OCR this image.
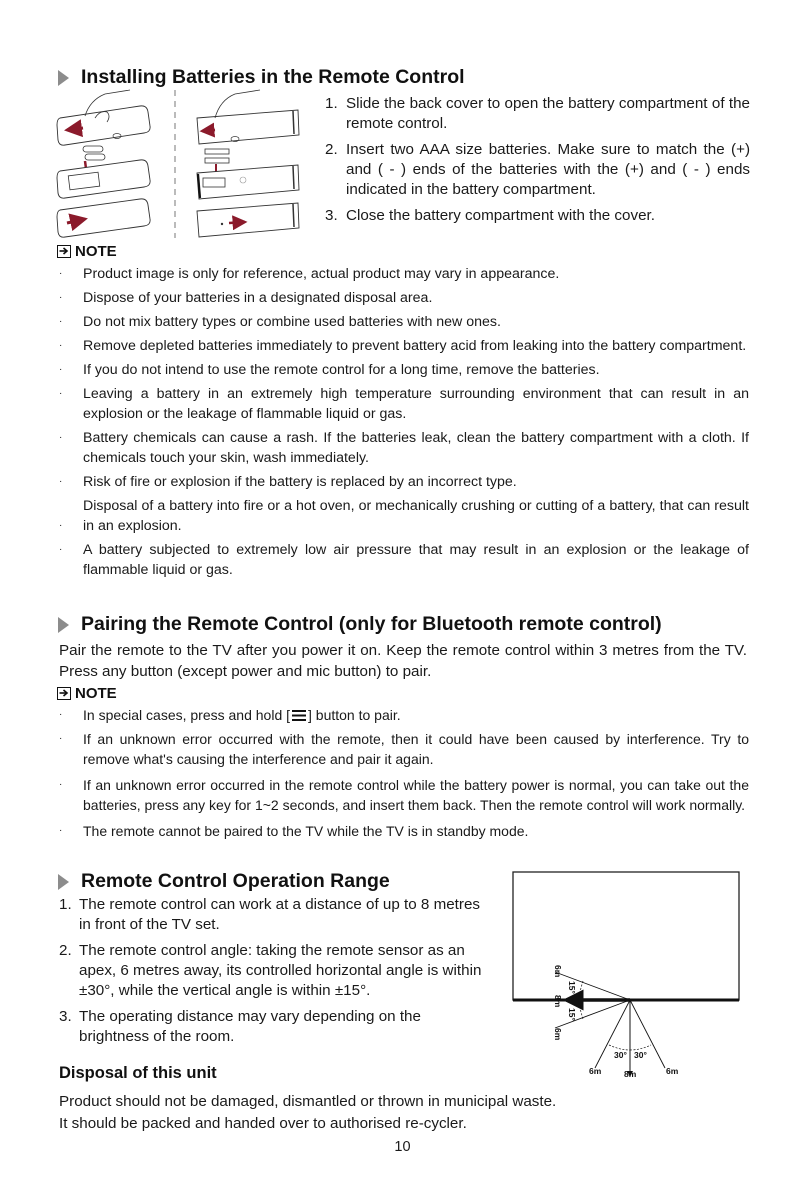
Installing Batteries in the Remote Control
1. Slide the back cover to open the battery compartment of the remote control.
2. Insert two AAA size batteries. Make sure to match the (+) and ( - ) ends of the batteries with the (+) and ( - ) ends indicated in the battery compartment.
3. Close the battery compartment with the cover.
NOTE
·	Product image is only for reference, actual product may vary in appearance.
·	Dispose of your batteries in a designated disposal area.
·	Do not mix battery types or combine used batteries with new ones.
·	Remove depleted batteries immediately to prevent battery acid from leaking into the battery compartment.
·	If you do not intend to use the remote control for a long time, remove the batteries.
·	Leaving a battery in an extremely high temperature surrounding environment that can result in an explosion or the leakage of flammable liquid or gas.
·	Battery chemicals can cause a rash. If the batteries leak, clean the battery compartment with a cloth. If chemicals touch your skin, wash immediately.
·	Risk of fire or explosion if the battery is replaced by an incorrect type.
·
Disposal of a battery into fire or a hot oven, or mechanically crushing or cutting of a battery, that can result in an explosion.
·	A battery subjected to extremely low air pressure that may result in an explosion or the leakage of flammable liquid or gas.
Pairing the Remote Control (only for Bluetooth remote control)
Pair the remote to the TV after you power it on. Keep the remote control within 3 metres from the TV. Press any button (except power and mic button) to pair.
NOTE
·	In special cases, press and hold [ ] button to pair.
·	If an unknown error occurred with the remote, then it could have been caused by interference. Try to remove what's causing the interference and pair it again.
·	If an unknown error occurred in the remote control while the battery power is normal, you can take out the batteries, press any key for 1~2 seconds, and insert them back. Then the remote control will work normally.
·	The remote cannot be paired to the TV while the TV is in standby mode.
Remote Control Operation Range
1. The remote control can work at a distance of up to 8 metres in front of the TV set.
2. The remote control angle: taking the remote sensor as an apex, 6 metres away, its controlled horizontal angle is within ±30°, while the vertical angle is within ±15°.
3. The operating distance may vary depending on the brightness of the room.
6m
15°
8m
15°
6m
30° 30°
6m	8m	6m
Disposal of this unit
Product should not be damaged, dismantled or thrown in municipal waste.
It should be packed and handed over to authorised re-cycler.
10
